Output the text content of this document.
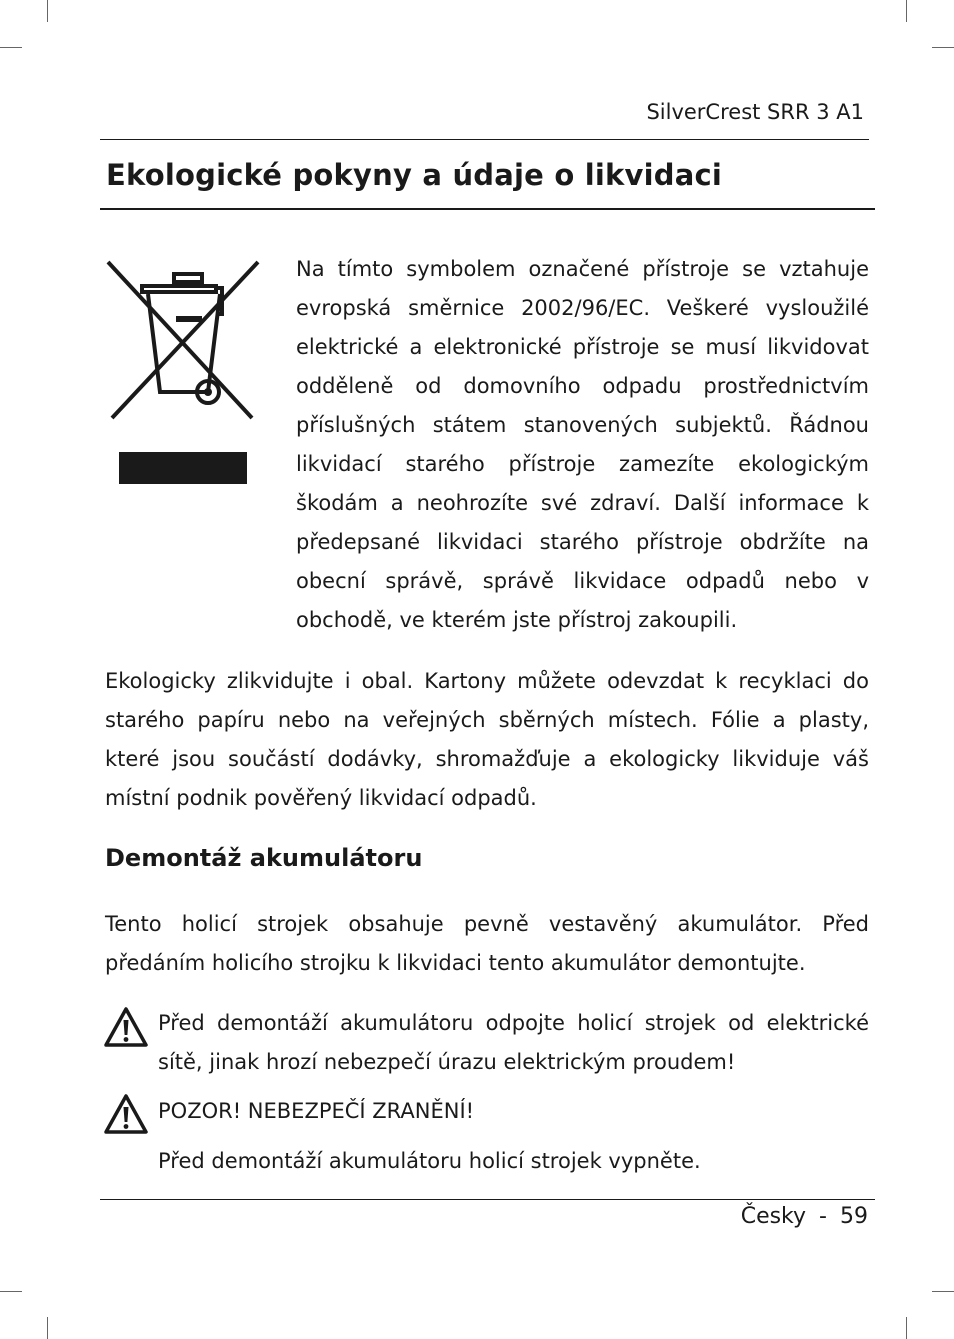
SilverCrest SRR 3 A1
Ekologické pokyny a údaje o likvidaci

Na tímto symbolem označené přístroje se vztahuje evropská směrnice 2002/96/EC. Veškeré vysloužilé elektrické a elektronické přístroje se musí likvidovat odděleně od domovního odpadu prostřednictvím příslušných státem stanovených subjektů. Řádnou likvidací starého přístroje zamezíte ekologickým škodám a neohrozíte své zdraví. Další informace k předepsané likvidaci starého přístroje obdržíte na obecní správě, správě likvidace odpadů nebo v obchodě, ve kterém jste přístroj zakoupili.

Ekologicky zlikvidujte i obal. Kartony můžete odevzdat k recyklaci do starého papíru nebo na veřejných sběrných místech. Fólie a plasty, které jsou součástí dodávky, shromažďuje a ekologicky likviduje váš místní podnik pověřený likvidací odpadů.

Demontáž akumulátoru

Tento holicí strojek obsahuje pevně vestavěný akumulátor. Před předáním holicího strojku k likvidaci tento akumulátor demontujte.

Před demontáží akumulátoru odpojte holicí strojek od elektrické sítě, jinak hrozí nebezpečí úrazu elektrickým proudem!

POZOR! NEBEZPEČÍ ZRANĚNÍ!

Před demontáží akumulátoru holicí strojek vypněte.

Česky - 59
